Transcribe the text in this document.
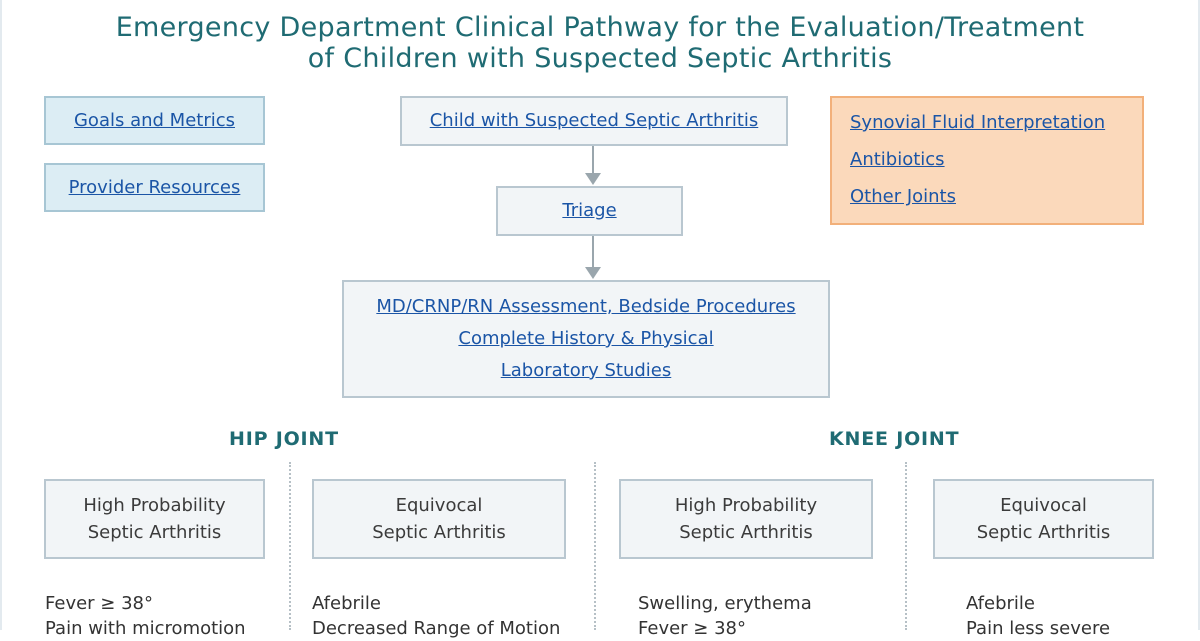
Emergency Department Clinical Pathway for the Evaluation/Treatment
of Children with Suspected Septic Arthritis
Goals and Metrics
Provider Resources
Synovial Fluid Interpretation
Antibiotics
Other Joints
Child with Suspected Septic Arthritis
Triage
MD/CRNP/RN Assessment, Bedside Procedures
Complete History & Physical
Laboratory Studies
HIP JOINT	KNEE JOINT
High Probability
Septic Arthritis
Equivocal
Septic Arthritis
High Probability
Septic Arthritis
Equivocal
Septic Arthritis
Fever ≥ 38°
Pain with micromotion
Afebrile
Decreased Range of Motion
Swelling, erythema
Fever ≥ 38°
Afebrile
Pain less severe
